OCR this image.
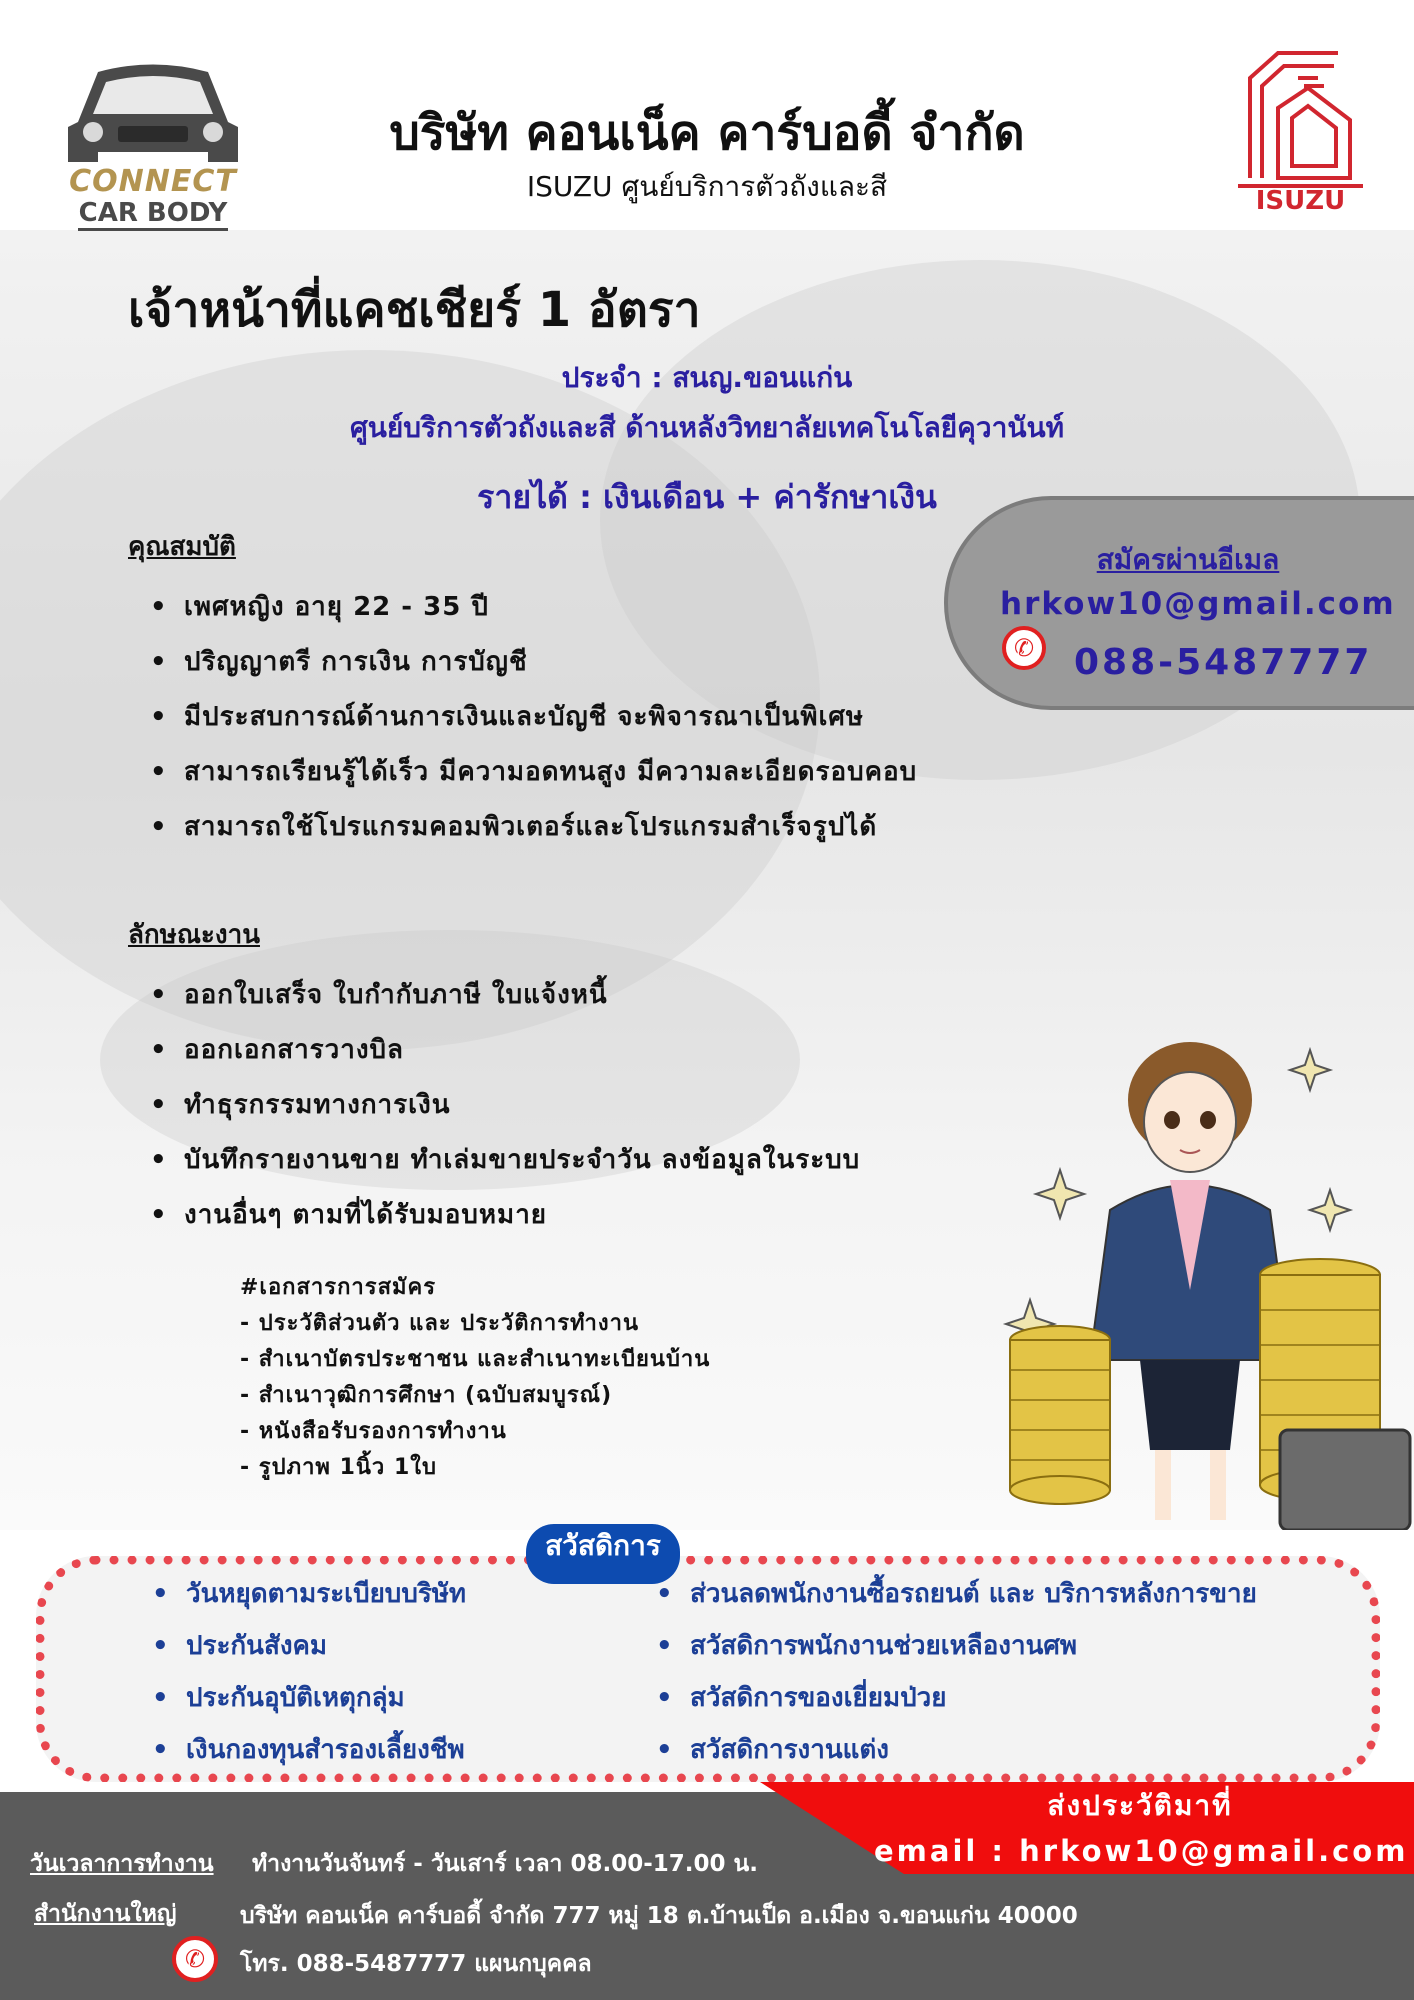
CONNECT
CAR BODY
บริษัท คอนเน็ค คาร์บอดี้ จำกัด
ISUZU ศูนย์บริการตัวถังและสี	ISUZU
เจ้าหน้าที่แคชเชียร์ 1 อัตรา
ประจำ : สนญ.ขอนแก่น
ศูนย์บริการตัวถังและสี ด้านหลังวิทยาลัยเทคโนโลยีคุวานันท์
รายได้ : เงินเดือน + ค่ารักษาเงิน
สมัครผ่านอีเมล
hrkow10@gmail.com
✆	088-5487777
คุณสมบัติ
• เพศหญิง อายุ 22 - 35 ปี
• ปริญญาตรี การเงิน การบัญชี
• มีประสบการณ์ด้านการเงินและบัญชี จะพิจารณาเป็นพิเศษ
• สามารถเรียนรู้ได้เร็ว มีความอดทนสูง มีความละเอียดรอบคอบ
• สามารถใช้โปรแกรมคอมพิวเตอร์และโปรแกรมสำเร็จรูปได้
ลักษณะงาน
• ออกใบเสร็จ ใบกำกับภาษี ใบแจ้งหนี้
• ออกเอกสารวางบิล
• ทำธุรกรรมทางการเงิน
• บันทึกรายงานขาย ทำเล่มขายประจำวัน ลงข้อมูลในระบบ
• งานอื่นๆ ตามที่ได้รับมอบหมาย
#เอกสารการสมัคร
- ประวัติส่วนตัว และ ประวัติการทำงาน
- สำเนาบัตรประชาชน และสำเนาทะเบียนบ้าน
- สำเนาวุฒิการศึกษา (ฉบับสมบูรณ์)
- หนังสือรับรองการทำงาน
- รูปภาพ 1นิ้ว 1ใบ
สวัสดิการ
• วันหยุดตามระเบียบบริษัท
• ประกันสังคม
• ประกันอุบัติเหตุกลุ่ม
• เงินกองทุนสำรองเลี้ยงชีพ
• ส่วนลดพนักงานซื้อรถยนต์ และ บริการหลังการขาย
• สวัสดิการพนักงานช่วยเหลืองานศพ
• สวัสดิการของเยี่ยมป่วย
• สวัสดิการงานแต่ง
ส่งประวัติมาที่
email : hrkow10@gmail.com
วันเวลาการทำงาน ทำงานวันจันทร์ - วันเสาร์ เวลา 08.00-17.00 น.
สำนักงานใหญ่	บริษัท คอนเน็ค คาร์บอดี้ จำกัด 777 หมู่ 18 ต.บ้านเป็ด อ.เมือง จ.ขอนแก่น 40000
✆	โทร. 088-5487777 แผนกบุคคล
